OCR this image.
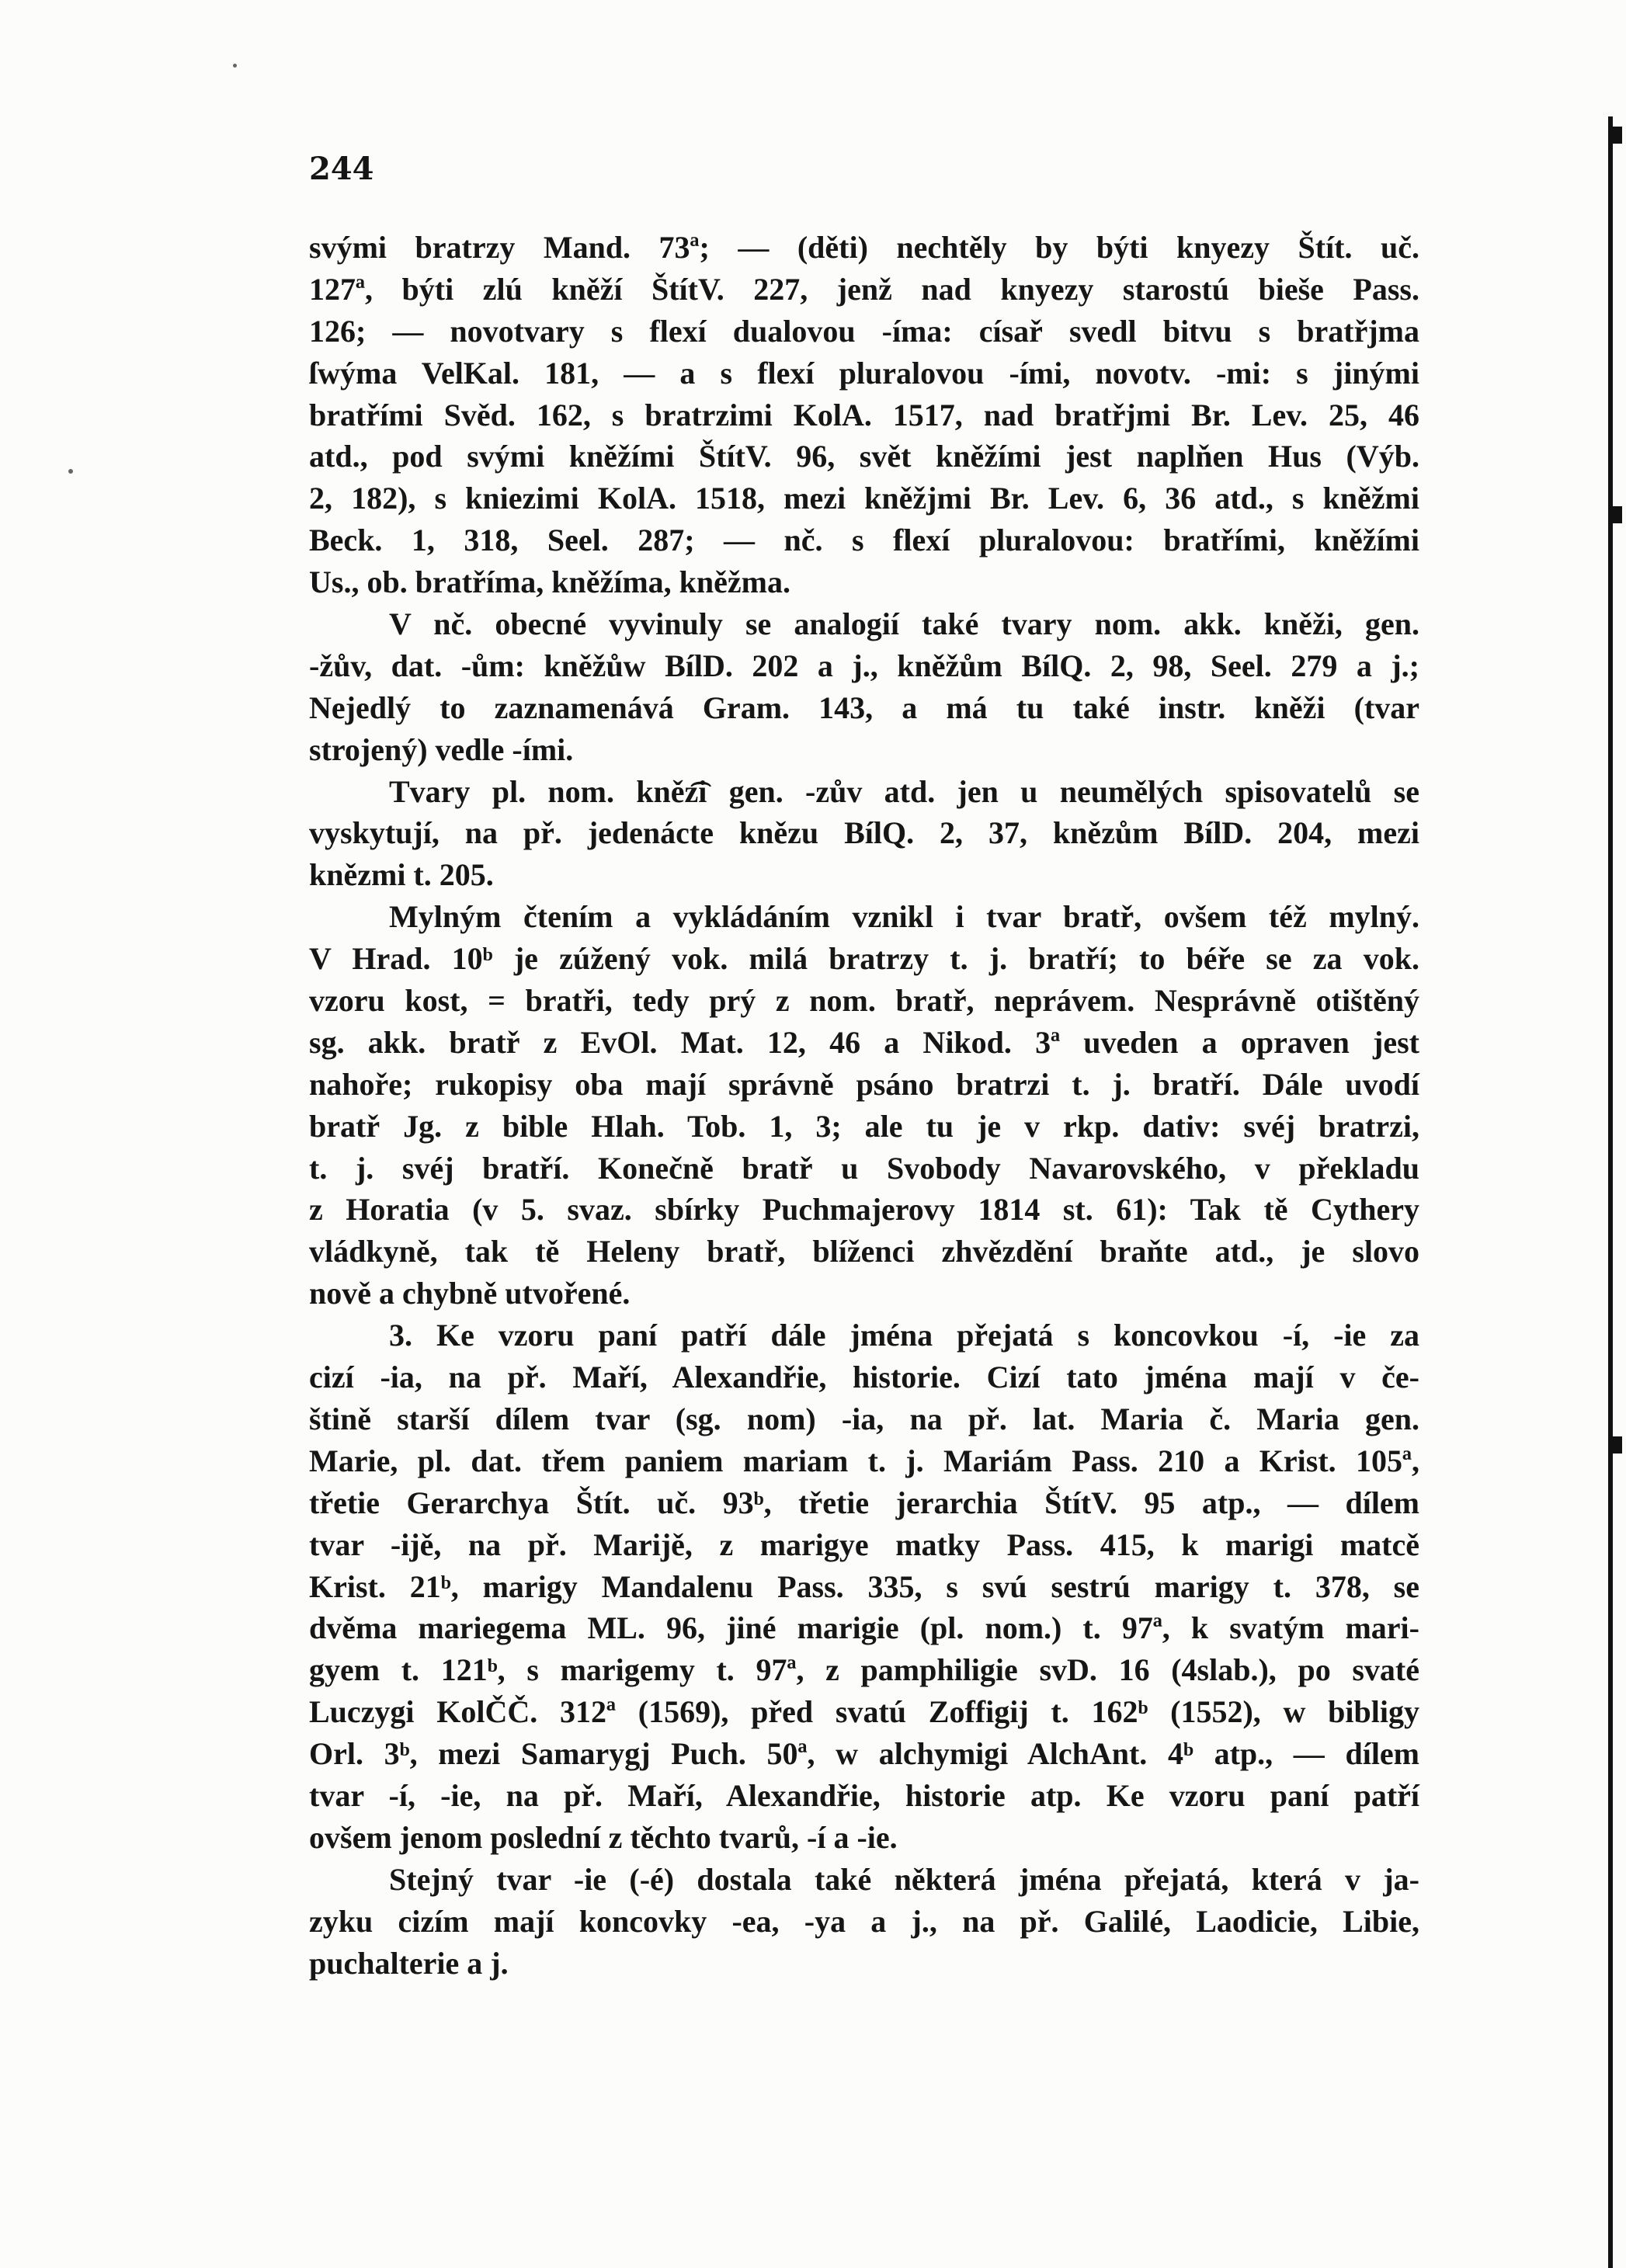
244
svými bratrzy Mand. 73ª; — (děti) nechtěly by býti knyezy Štít. uč.
127ª, býti zlú kněží ŠtítV. 227, jenž nad knyezy starostú bieše Pass.
126; — novotvary s flexí dualovou -íma: císař svedl bitvu s bratřjma
ſwýma VelKal. 181, — a s flexí pluralovou -ími, novotv. -mi: s jinými
bratřími Svěd. 162, s bratrzimi KolA. 1517, nad bratřjmi Br. Lev. 25, 46
atd., pod svými kněžími ŠtítV. 96, svět kněžími jest naplňen Hus (Výb.
2, 182), s kniezimi KolA. 1518, mezi kněžjmi Br. Lev. 6, 36 atd., s kněžmi
Beck. 1, 318, Seel. 287; — nč. s flexí pluralovou: bratřími, kněžími
Us., ob. bratříma, kněžíma, kněžma.
V nč. obecné vyvinuly se analogií také tvary nom. akk. kněži, gen.
-žův, dat. -ům: kněžůw BílD. 202 a j., kněžům BílQ. 2, 98, Seel. 279 a j.;
Nejedlý to zaznamenává Gram. 143, a má tu také instr. kněži (tvar
strojený) vedle -ími.
Tvary pl. nom. kněz͡i gen. -zův atd. jen u neumělých spisovatelů se
vyskytují, na př. jedenácte knězu BílQ. 2, 37, knězům BílD. 204, mezi
knězmi t. 205.
Mylným čtením a vykládáním vznikl i tvar bratř, ovšem též mylný.
V Hrad. 10ᵇ je zúžený vok. milá bratrzy t. j. bratří; to béře se za vok.
vzoru kost, = bratři, tedy prý z nom. bratř, neprávem. Nesprávně otištěný
sg. akk. bratř z EvOl. Mat. 12, 46 a Nikod. 3ª uveden a opraven jest
nahoře; rukopisy oba mají správně psáno bratrzi t. j. bratří. Dále uvodí
bratř Jg. z bible Hlah. Tob. 1, 3; ale tu je v rkp. dativ: svéj bratrzi,
t. j. svéj bratří. Konečně bratř u Svobody Navarovského, v překladu
z Horatia (v 5. svaz. sbírky Puchmajerovy 1814 st. 61): Tak tě Cythery
vládkyně, tak tě Heleny bratř, blíženci zhvězdění braňte atd., je slovo
nově a chybně utvořené.
3. Ke vzoru paní patří dále jména přejatá s koncovkou -í, -ie za
cizí -ia, na př. Maří, Alexandřie, historie. Cizí tato jména mají v če-
štině starší dílem tvar (sg. nom) -ia, na př. lat. Maria č. Maria gen.
Marie, pl. dat. třem paniem mariam t. j. Mariám Pass. 210 a Krist. 105ª,
třetie Gerarchya Štít. uč. 93ᵇ, třetie jerarchia ŠtítV. 95 atp., — dílem
tvar -ijě, na př. Marijě, z marigye matky Pass. 415, k marigi matcě
Krist. 21ᵇ, marigy Mandalenu Pass. 335, s svú sestrú marigy t. 378, se
dvěma mariegema ML. 96, jiné marigie (pl. nom.) t. 97ª, k svatým mari-
gyem t. 121ᵇ, s marigemy t. 97ª, z pamphiligie svD. 16 (4slab.), po svaté
Luczygi KolČČ. 312ª (1569), před svatú Zoffigij t. 162ᵇ (1552), w bibligy
Orl. 3ᵇ, mezi Samarygj Puch. 50ª, w alchymigi AlchAnt. 4ᵇ atp., — dílem
tvar -í, -ie, na př. Maří, Alexandřie, historie atp. Ke vzoru paní patří
ovšem jenom poslední z těchto tvarů, -í a -ie.
Stejný tvar -ie (-é) dostala také některá jména přejatá, která v ja-
zyku cizím mají koncovky -ea, -ya a j., na př. Galilé, Laodicie, Libie,
puchalterie a j.
